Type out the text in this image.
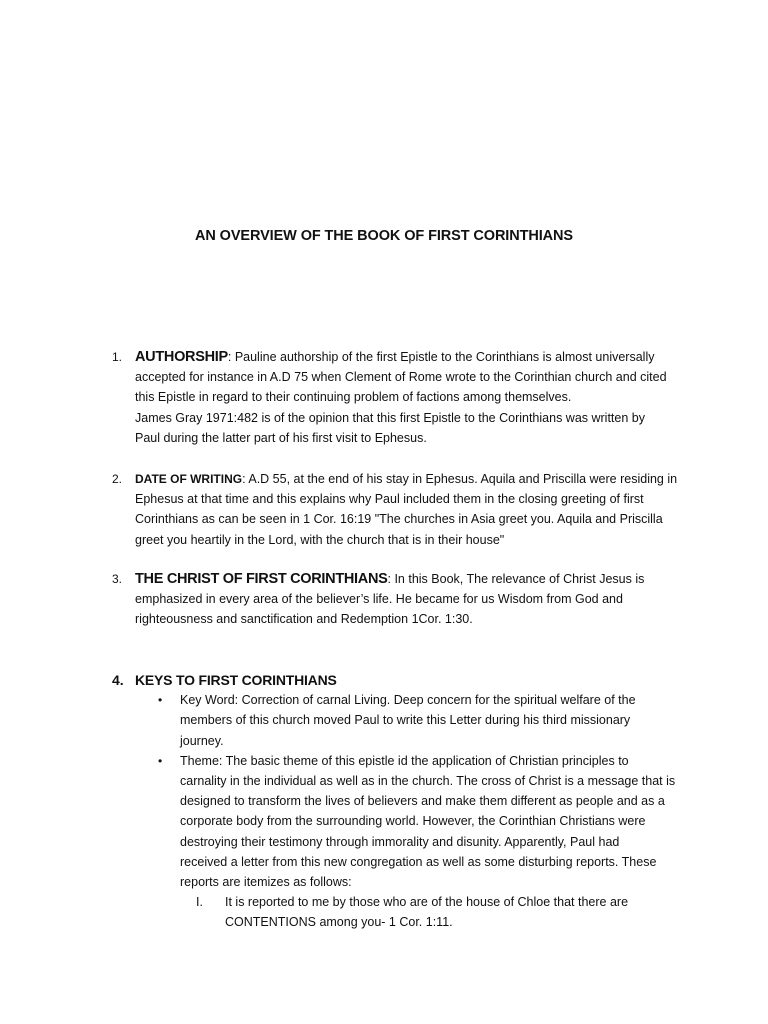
AN OVERVIEW OF THE BOOK OF FIRST CORINTHIANS
1. AUTHORSHIP: Pauline authorship of the first Epistle to the Corinthians is almost universally
accepted for instance in A.D 75 when Clement of Rome wrote to the Corinthian church and cited
this Epistle in regard to their continuing problem of factions among themselves.
James Gray 1971:482 is of the opinion that this first Epistle to the Corinthians was written by
Paul during the latter part of his first visit to Ephesus.
2. DATE OF WRITING: A.D 55, at the end of his stay in Ephesus. Aquila and Priscilla were residing in
Ephesus at that time and this explains why Paul included them in the closing greeting of first
Corinthians as can be seen in 1 Cor. 16:19 "The churches in Asia greet you. Aquila and Priscilla
greet you heartily in the Lord, with the church that is in their house"
3. THE CHRIST OF FIRST CORINTHIANS: In this Book, The relevance of Christ Jesus is
emphasized in every area of the believer’s life. He became for us Wisdom from God and
righteousness and sanctification and Redemption 1Cor. 1:30.
4. KEYS TO FIRST CORINTHIANS
• Key Word: Correction of carnal Living. Deep concern for the spiritual welfare of the
members of this church moved Paul to write this Letter during his third missionary
journey.
• Theme: The basic theme of this epistle id the application of Christian principles to
carnality in the individual as well as in the church. The cross of Christ is a message that is
designed to transform the lives of believers and make them different as people and as a
corporate body from the surrounding world. However, the Corinthian Christians were
destroying their testimony through immorality and disunity. Apparently, Paul had
received a letter from this new congregation as well as some disturbing reports. These
reports are itemizes as follows:
I. It is reported to me by those who are of the house of Chloe that there are
CONTENTIONS among you- 1 Cor. 1:11.
